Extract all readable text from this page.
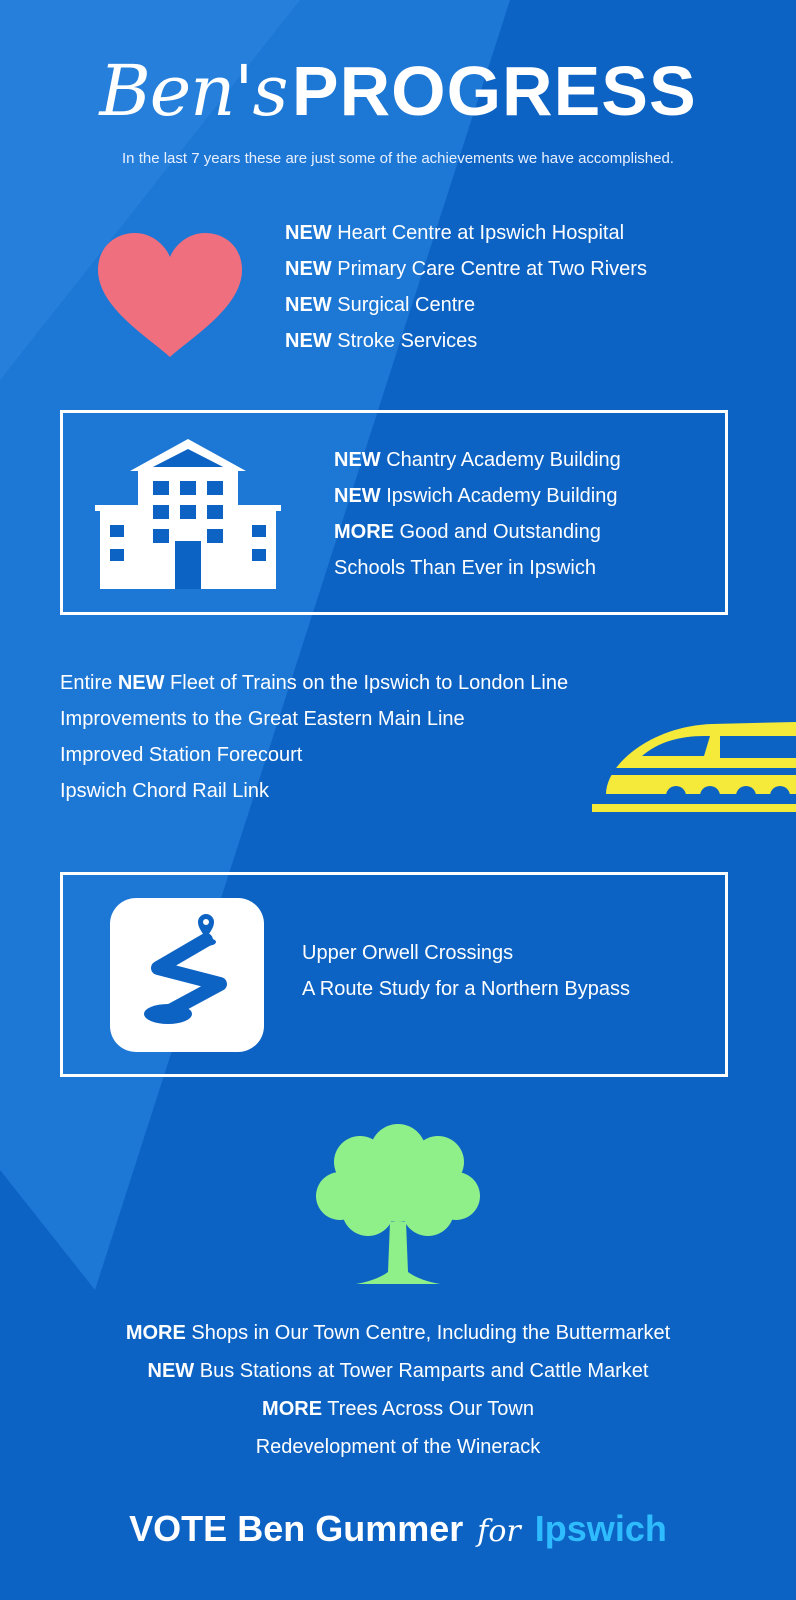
Ben's PROGRESS
In the last 7 years these are just some of the achievements we have accomplished.
NEW Heart Centre at Ipswich Hospital
NEW Primary Care Centre at Two Rivers
NEW Surgical Centre
NEW Stroke Services
NEW Chantry Academy Building
NEW Ipswich Academy Building
MORE Good and Outstanding
Schools Than Ever in Ipswich
Entire NEW Fleet of Trains on the Ipswich to London Line
Improvements to the Great Eastern Main Line
Improved Station Forecourt
Ipswich Chord Rail Link
Upper Orwell Crossings
A Route Study for a Northern Bypass
MORE Shops in Our Town Centre, Including the Buttermarket
NEW Bus Stations at Tower Ramparts and Cattle Market
MORE Trees Across Our Town
Redevelopment of the Winerack
VOTE Ben Gummer for Ipswich
